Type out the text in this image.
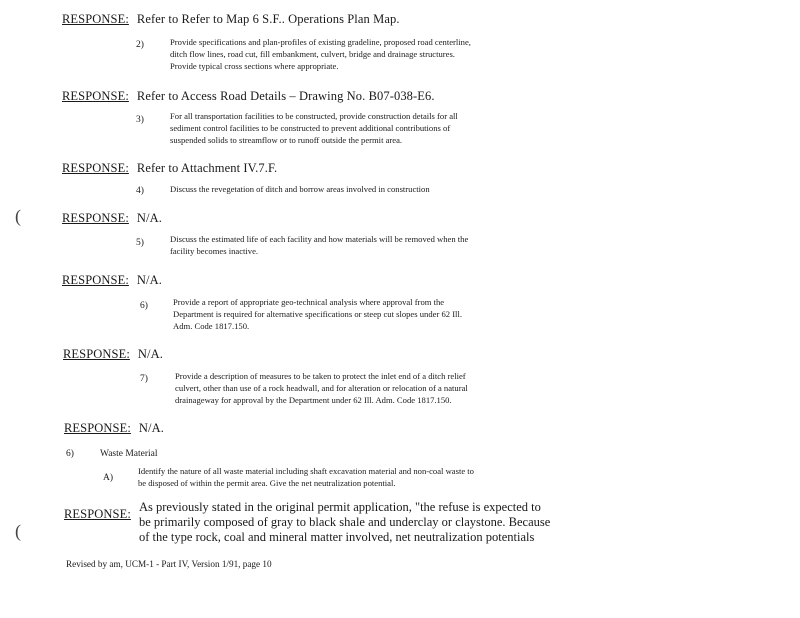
RESPONSE: Refer to Refer to Map 6 S.F.. Operations Plan Map.
2)	Provide specifications and plan-profiles of existing gradeline, proposed road centerline,
ditch flow lines, road cut, fill embankment, culvert, bridge and drainage structures.
Provide typical cross sections where appropriate.
RESPONSE: Refer to Access Road Details – Drawing No. B07-038-E6.
3)	For all transportation facilities to be constructed, provide construction details for all
sediment control facilities to be constructed to prevent additional contributions of
suspended solids to streamflow or to runoff outside the permit area.
RESPONSE: Refer to Attachment IV.7.F.
4)	Discuss the revegetation of ditch and borrow areas involved in construction
(	RESPONSE: N/A.
5)	Discuss the estimated life of each facility and how materials will be removed when the
facility becomes inactive.
RESPONSE: N/A.
6)	Provide a report of appropriate geo-technical analysis where approval from the
Department is required for alternative specifications or steep cut slopes under 62 Ill.
Adm. Code 1817.150.
RESPONSE: N/A.
7)	Provide a description of measures to be taken to protect the inlet end of a ditch relief
culvert, other than use of a rock headwall, and for alteration or relocation of a natural
drainageway for approval by the Department under 62 Ill. Adm. Code 1817.150.
RESPONSE: N/A.
6)	Waste Material
A)
Identify the nature of all waste material including shaft excavation material and non-coal waste to
be disposed of within the permit area. Give the net neutralization potential.
(
RESPONSE: As previously stated in the original permit application, "the refuse is expected to
be primarily composed of gray to black shale and underclay or claystone. Because
of the type rock, coal and mineral matter involved, net neutralization potentials
Revised by am, UCM-1 - Part IV, Version 1/91, page 10
